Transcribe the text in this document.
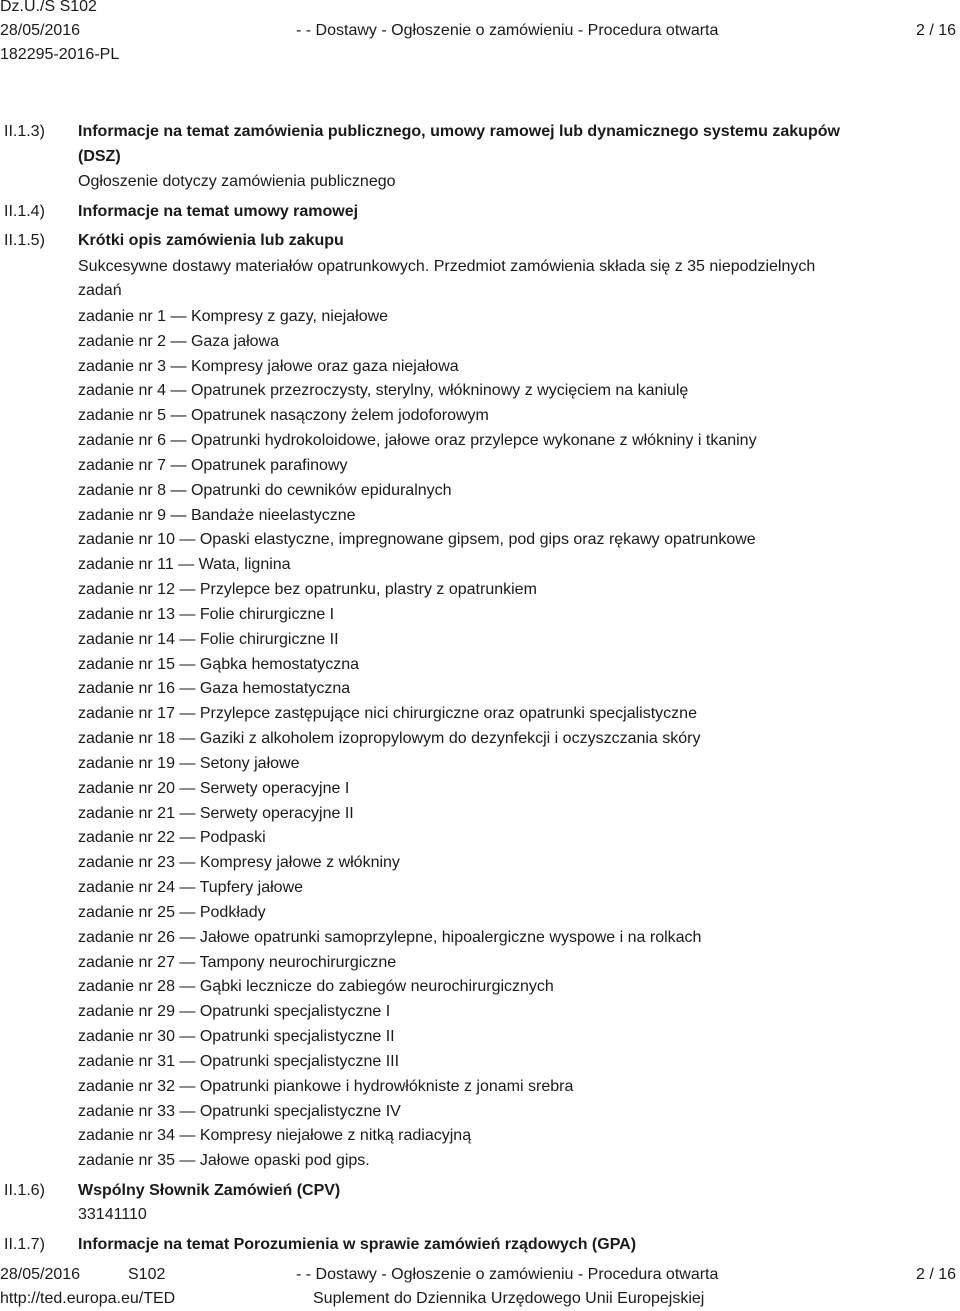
Dz.U./S S102
28/05/2016	- - Dostawy - Ogłoszenie o zamówieniu - Procedura otwarta	2 / 16
182295-2016-PL
II.1.3) Informacje na temat zamówienia publicznego, umowy ramowej lub dynamicznego systemu zakupów
(DSZ)
Ogłoszenie dotyczy zamówienia publicznego
II.1.4) Informacje na temat umowy ramowej
II.1.5) Krótki opis zamówienia lub zakupu
Sukcesywne dostawy materiałów opatrunkowych. Przedmiot zamówienia składa się z 35 niepodzielnych
zadań
zadanie nr 1 — Kompresy z gazy, niejałowe
zadanie nr 2 — Gaza jałowa
zadanie nr 3 — Kompresy jałowe oraz gaza niejałowa
zadanie nr 4 — Opatrunek przezroczysty, sterylny, włókninowy z wycięciem na kaniulę
zadanie nr 5 — Opatrunek nasączony żelem jodoforowym
zadanie nr 6 — Opatrunki hydrokoloidowe, jałowe oraz przylepce wykonane z włókniny i tkaniny
zadanie nr 7 — Opatrunek parafinowy
zadanie nr 8 — Opatrunki do cewników epiduralnych
zadanie nr 9 — Bandaże nieelastyczne
zadanie nr 10 — Opaski elastyczne, impregnowane gipsem, pod gips oraz rękawy opatrunkowe
zadanie nr 11 — Wata, lignina
zadanie nr 12 — Przylepce bez opatrunku, plastry z opatrunkiem
zadanie nr 13 — Folie chirurgiczne I
zadanie nr 14 — Folie chirurgiczne II
zadanie nr 15 — Gąbka hemostatyczna
zadanie nr 16 — Gaza hemostatyczna
zadanie nr 17 — Przylepce zastępujące nici chirurgiczne oraz opatrunki specjalistyczne
zadanie nr 18 — Gaziki z alkoholem izopropylowym do dezynfekcji i oczyszczania skóry
zadanie nr 19 — Setony jałowe
zadanie nr 20 — Serwety operacyjne I
zadanie nr 21 — Serwety operacyjne II
zadanie nr 22 — Podpaski
zadanie nr 23 — Kompresy jałowe z włókniny
zadanie nr 24 — Tupfery jałowe
zadanie nr 25 — Podkłady
zadanie nr 26 — Jałowe opatrunki samoprzylepne, hipoalergiczne wyspowe i na rolkach
zadanie nr 27 — Tampony neurochirurgiczne
zadanie nr 28 — Gąbki lecznicze do zabiegów neurochirurgicznych
zadanie nr 29 — Opatrunki specjalistyczne I
zadanie nr 30 — Opatrunki specjalistyczne II
zadanie nr 31 — Opatrunki specjalistyczne III
zadanie nr 32 — Opatrunki piankowe i hydrowłókniste z jonami srebra
zadanie nr 33 — Opatrunki specjalistyczne IV
zadanie nr 34 — Kompresy niejałowe z nitką radiacyjną
zadanie nr 35 — Jałowe opaski pod gips.
II.1.6) Wspólny Słownik Zamówień (CPV)
33141110
II.1.7) Informacje na temat Porozumienia w sprawie zamówień rządowych (GPA)
28/05/2016	S102	- - Dostawy - Ogłoszenie o zamówieniu - Procedura otwarta	2 / 16
http://ted.europa.eu/TED	Suplement do Dziennika Urzędowego Unii Europejskiej
